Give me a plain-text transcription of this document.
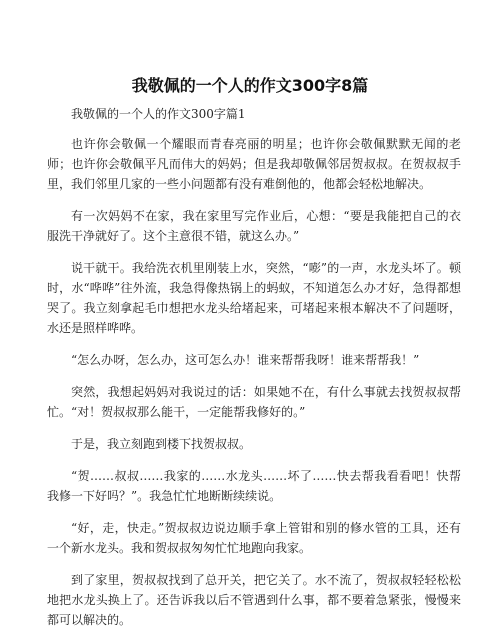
我敬佩的一个人的作文300字8篇

我敬佩的一个人的作文300字篇1

也许你会敬佩一个耀眼而青春亮丽的明星；也许你会敬佩默默无闻的老师；也许你会敬佩平凡而伟大的妈妈；但是我却敬佩邻居贺叔叔。在贺叔叔手里，我们邻里几家的一些小问题都有没有难倒他的，他都会轻松地解决。

有一次妈妈不在家，我在家里写完作业后，心想：“要是我能把自己的衣服洗干净就好了。这个主意很不错，就这么办。”

说干就干。我给洗衣机里刚装上水，突然，“嘭”的一声，水龙头坏了。顿时，水“哗哗”往外流，我急得像热锅上的蚂蚁，不知道怎么办才好，急得都想哭了。我立刻拿起毛巾想把水龙头给堵起来，可堵起来根本解决不了问题呀，水还是照样哗哗。

“怎么办呀，怎么办，这可怎么办！谁来帮帮我呀！谁来帮帮我！”

突然，我想起妈妈对我说过的话：如果她不在，有什么事就去找贺叔叔帮忙。“对！贺叔叔那么能干，一定能帮我修好的。”

于是，我立刻跑到楼下找贺叔叔。

“贺……叔叔……我家的……水龙头……坏了……快去帮我看看吧！快帮我修一下好吗？”。我急忙忙地断断续续说。

“好，走，快走。”贺叔叔边说边顺手拿上管钳和别的修水管的工具，还有一个新水龙头。我和贺叔叔匆匆忙忙地跑向我家。

到了家里，贺叔叔找到了总开关，把它关了。水不流了，贺叔叔轻轻松松地把水龙头换上了。还告诉我以后不管遇到什么事，都不要着急紧张，慢慢来都可以解决的。
